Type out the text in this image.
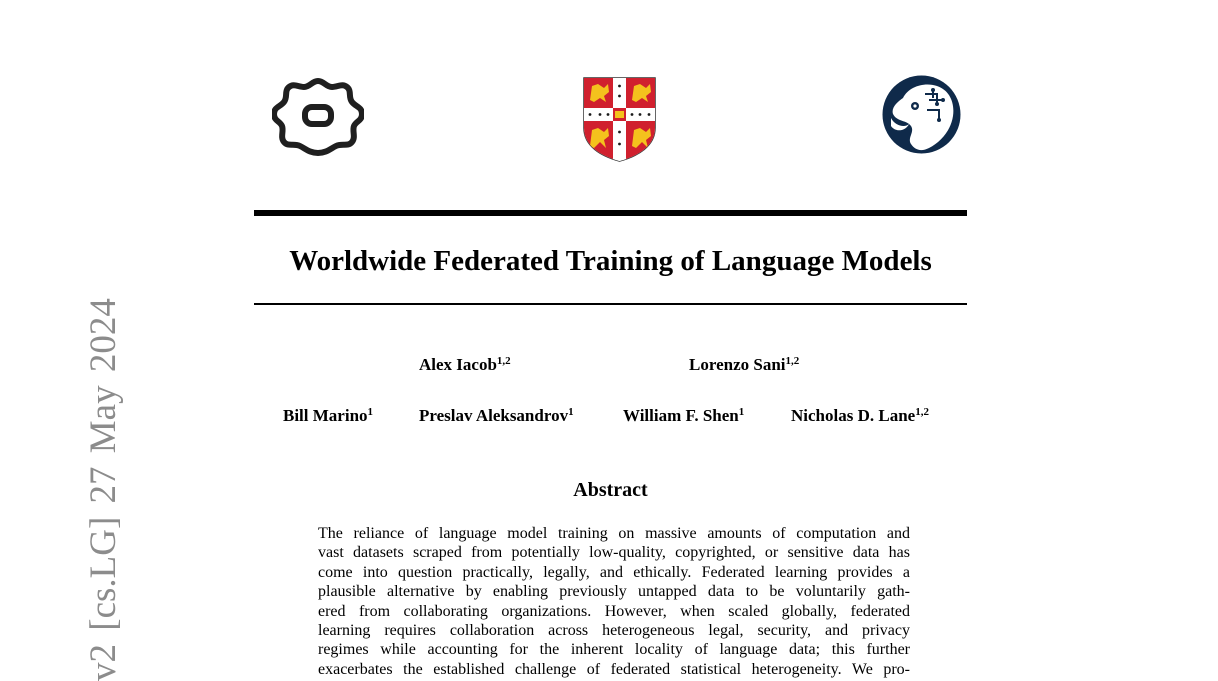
Worldwide Federated Training of Language Models
Alex Iacob$^{1,2}$	Lorenzo Sani$^{1,2}$
Bill Marino$^1$	Preslav Aleksandrov$^1$	William F. Shen$^1$	Nicholas D. Lane$^{1,2}$
Abstract
The reliance of language model training on massive amounts of computation and
vast datasets scraped from potentially low-quality, copyrighted, or sensitive data has
come into question practically, legally, and ethically. Federated learning provides a
plausible alternative by enabling previously untapped data to be voluntarily gath-
ered from collaborating organizations. However, when scaled globally, federated
learning requires collaboration across heterogeneous legal, security, and privacy
regimes while accounting for the inherent locality of language data; this further
exacerbates the established challenge of federated statistical heterogeneity. We pro-
v2 [cs.LG] 27 May 2024
